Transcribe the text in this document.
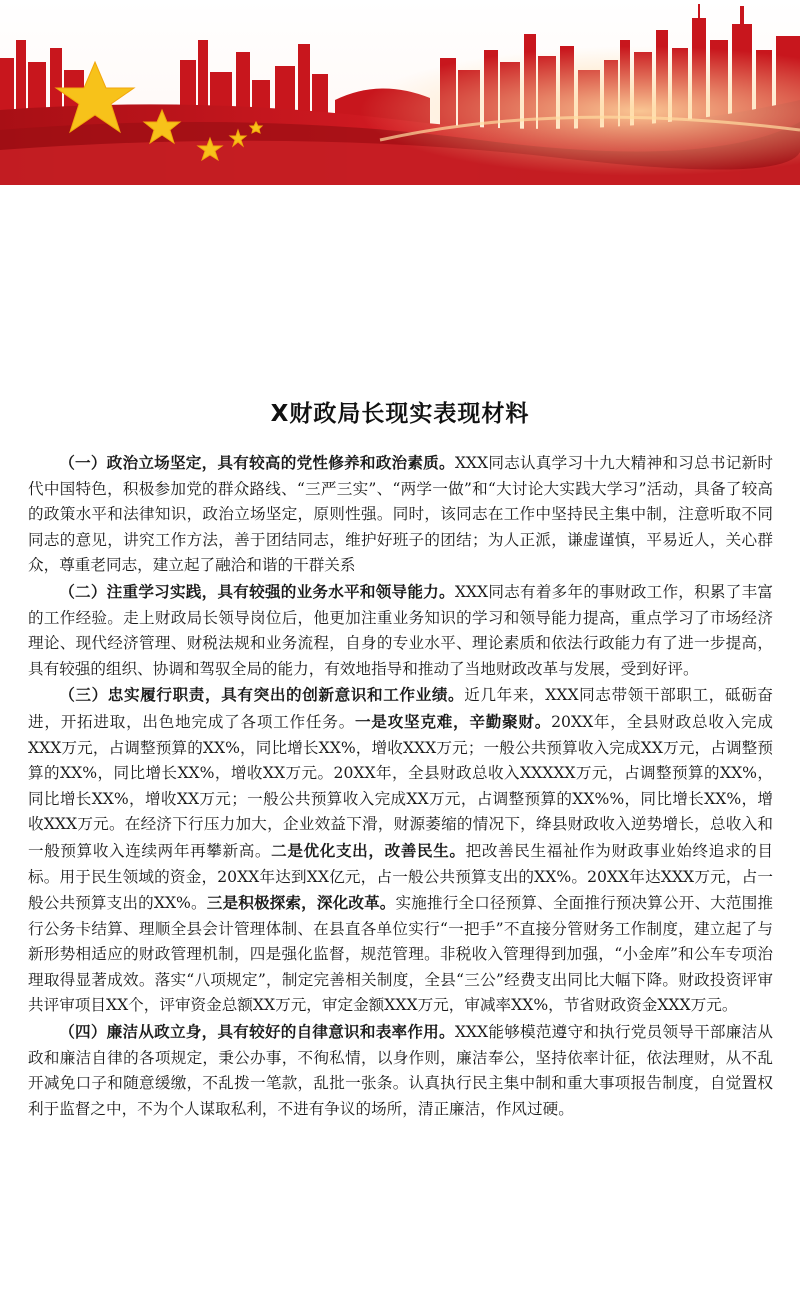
X财政局长现实表现材料

（一）政治立场坚定，具有较高的党性修养和政治素质。XXX同志认真学习十九大精神和习总书记新时代中国特色，积极参加党的群众路线、“三严三实”、“两学一做”和“大讨论大实践大学习”活动，具备了较高的政策水平和法律知识，政治立场坚定，原则性强。同时，该同志在工作中坚持民主集中制，注意听取不同同志的意见，讲究工作方法，善于团结同志，维护好班子的团结；为人正派，谦虚谨慎，平易近人，关心群众，尊重老同志，建立起了融洽和谐的干群关系

（二）注重学习实践，具有较强的业务水平和领导能力。XXX同志有着多年的事财政工作，积累了丰富的工作经验。走上财政局长领导岗位后，他更加注重业务知识的学习和领导能力提高，重点学习了市场经济理论、现代经济管理、财税法规和业务流程，自身的专业水平、理论素质和依法行政能力有了进一步提高，具有较强的组织、协调和驾驭全局的能力，有效地指导和推动了当地财政改革与发展，受到好评。

（三）忠实履行职责，具有突出的创新意识和工作业绩。近几年来，XXX同志带领干部职工，砥砺奋进，开拓进取，出色地完成了各项工作任务。一是攻坚克难，辛勤聚财。20XX年，全县财政总收入完成XXX万元，占调整预算的XX%，同比增长XX%，增收XXX万元；一般公共预算收入完成XX万元，占调整预算的XX%，同比增长XX%，增收XX万元。20XX年，全县财政总收入XXXXX万元，占调整预算的XX%，同比增长XX%，增收XX万元；一般公共预算收入完成XX万元，占调整预算的XX%%，同比增长XX%，增收XXX万元。在经济下行压力加大，企业效益下滑，财源萎缩的情况下，绛县财政收入逆势增长，总收入和一般预算收入连续两年再攀新高。二是优化支出，改善民生。把改善民生福祉作为财政事业始终追求的目标。用于民生领域的资金，20XX年达到XX亿元，占一般公共预算支出的XX%。20XX年达XXX万元，占一般公共预算支出的XX%。三是积极探索，深化改革。实施推行全口径预算、全面推行预决算公开、大范围推行公务卡结算、理顺全县会计管理体制、在县直各单位实行“一把手”不直接分管财务工作制度，建立起了与新形势相适应的财政管理机制，四是强化监督，规范管理。非税收入管理得到加强，“小金库”和公车专项治理取得显著成效。落实“八项规定”，制定完善相关制度，全县“三公”经费支出同比大幅下降。财政投资评审共评审项目XX个，评审资金总额XX万元，审定金额XXX万元，审减率XX%，节省财政资金XXX万元。

（四）廉洁从政立身，具有较好的自律意识和表率作用。XXX能够模范遵守和执行党员领导干部廉洁从政和廉洁自律的各项规定，秉公办事，不徇私情，以身作则，廉洁奉公，坚持依率计征，依法理财，从不乱开减免口子和随意缓缴，不乱拨一笔款，乱批一张条。认真执行民主集中制和重大事项报告制度，自觉置权利于监督之中，不为个人谋取私利，不进有争议的场所，清正廉洁，作风过硬。
